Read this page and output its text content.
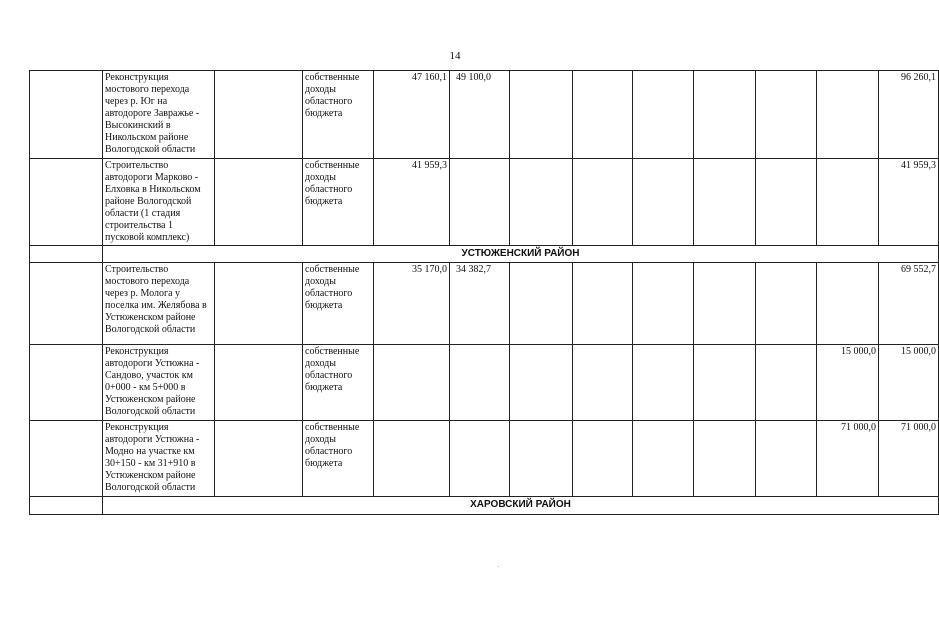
14
	Реконструкция мостового перехода через р. Юг на автодороге Завражье - Высокинский в Никольском районе Вологодской области		собственные доходы областного бюджета	47 160,1	49 100,0							96 260,1
	Строительство автодороги Марково - Елховка в Никольском районе Вологодской области (1 стадия строительства 1 пусковой комплекс)		собственные доходы областного бюджета	41 959,3								41 959,3
	УСТЮЖЕНСКИЙ РАЙОН											
	Строительство мостового перехода через р. Молога у поселка им. Желябова в Устюженском районе Вологодской области		собственные доходы областного бюджета	35 170,0	34 382,7							69 552,7
	Реконструкция автодороги Устюжна - Сандово, участок км 0+000 - км 5+000 в Устюженском районе Вологодской области		собственные доходы областного бюджета								15 000,0	15 000,0
	Реконструкция автодороги Устюжна - Модно на участке км 30+150 - км 31+910 в Устюженском районе Вологодской области		собственные доходы областного бюджета								71 000,0	71 000,0
	ХАРОВСКИЙ РАЙОН											
